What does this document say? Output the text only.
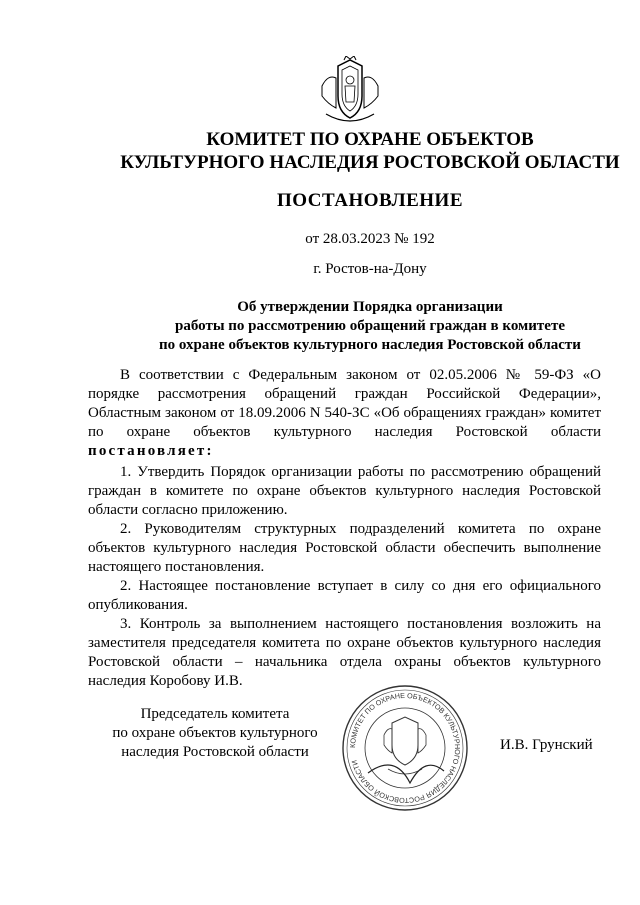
КОМИТЕТ ПО ОХРАНЕ ОБЪЕКТОВ
КУЛЬТУРНОГО НАСЛЕДИЯ РОСТОВСКОЙ ОБЛАСТИ
ПОСТАНОВЛЕНИЕ
от 28.03.2023 № 192
г. Ростов-на-Дону
Об утверждении Порядка организации
работы по рассмотрению обращений граждан в комитете
по охране объектов культурного наследия Ростовской области
В соответствии с Федеральным законом от 02.05.2006 № 59-ФЗ «О порядке рассмотрения обращений граждан Российской Федерации», Областным законом от 18.09.2006 N 540-ЗС «Об обращениях граждан» комитет по охране объектов культурного наследия Ростовской области постановляет:

1. Утвердить Порядок организации работы по рассмотрению обращений граждан в комитете по охране объектов культурного наследия Ростовской области согласно приложению.

2. Руководителям структурных подразделений комитета по охране объектов культурного наследия Ростовской области обеспечить выполнение настоящего постановления.

2. Настоящее постановление вступает в силу со дня его официального опубликования.

3. Контроль за выполнением настоящего постановления возложить на заместителя председателя комитета по охране объектов культурного наследия Ростовской области – начальника отдела охраны объектов культурного наследия Коробову И.В.

Председатель комитета
по охране объектов культурного
наследия Ростовской области	КОМИТЕТ ПО ОХРАНЕ ОБЪЕКТОВ КУЛЬТУРНОГО НАСЛЕДИЯ РОСТОВСКОЙ ОБЛАСТИ
И.В. Грунский
